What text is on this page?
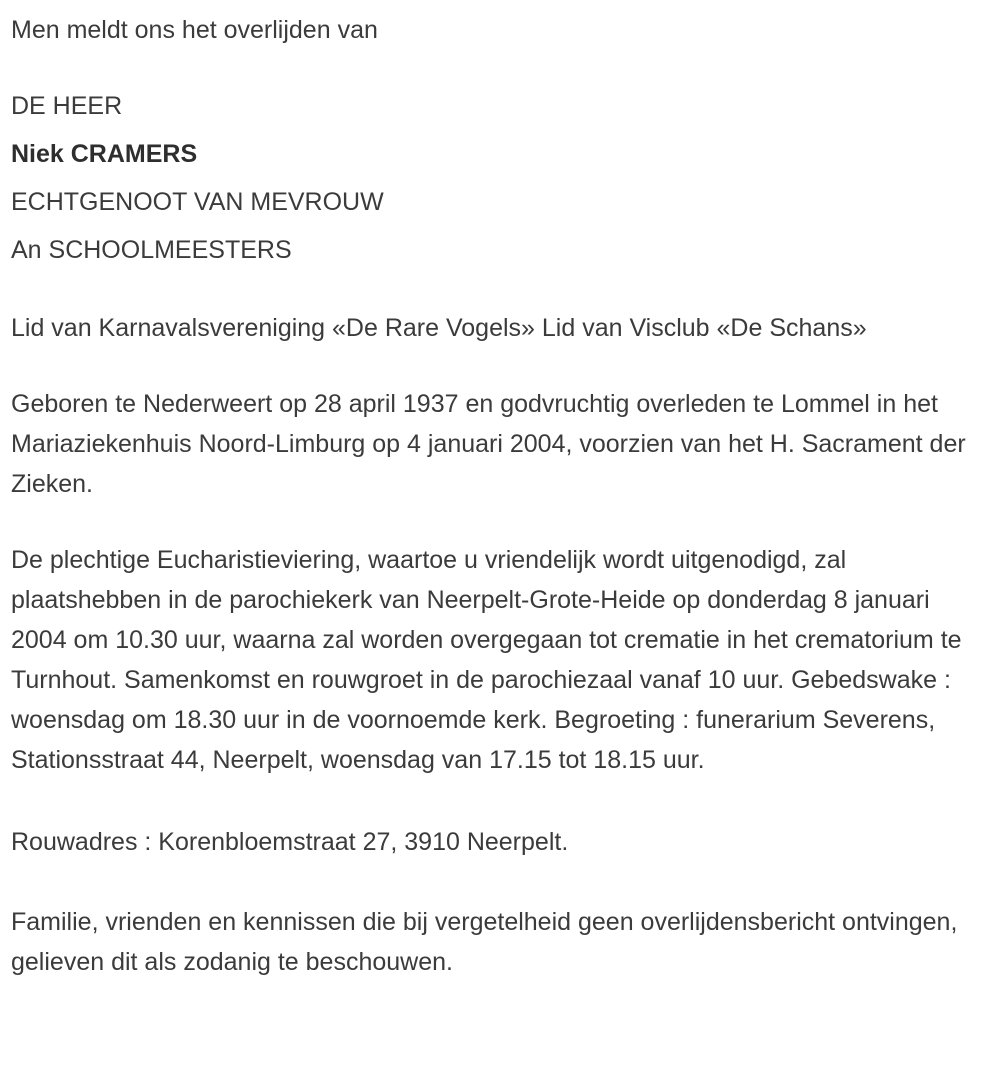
Men meldt ons het overlijden van

DE HEER
Niek CRAMERS
ECHTGENOOT VAN MEVROUW
An SCHOOLMEESTERS

Lid van Karnavalsvereniging «De Rare Vogels» Lid van Visclub «De Schans»

Geboren te Nederweert op 28 april 1937 en godvruchtig overleden te Lommel in het Mariaziekenhuis Noord-Limburg op 4 januari 2004, voorzien van het H. Sacrament der Zieken.

De plechtige Eucharistieviering, waartoe u vriendelijk wordt uitgenodigd, zal plaatshebben in de parochiekerk van Neerpelt-Grote-Heide op donderdag 8 januari 2004 om 10.30 uur, waarna zal worden overgegaan tot crematie in het crematorium te Turnhout. Samenkomst en rouwgroet in de parochiezaal vanaf 10 uur. Gebedswake : woensdag om 18.30 uur in de voornoemde kerk. Begroeting : funerarium Severens, Stationsstraat 44, Neerpelt, woensdag van 17.15 tot 18.15 uur.

Rouwadres : Korenbloemstraat 27, 3910 Neerpelt.

Familie, vrienden en kennissen die bij vergetelheid geen overlijdensbericht ontvingen, gelieven dit als zodanig te beschouwen.
